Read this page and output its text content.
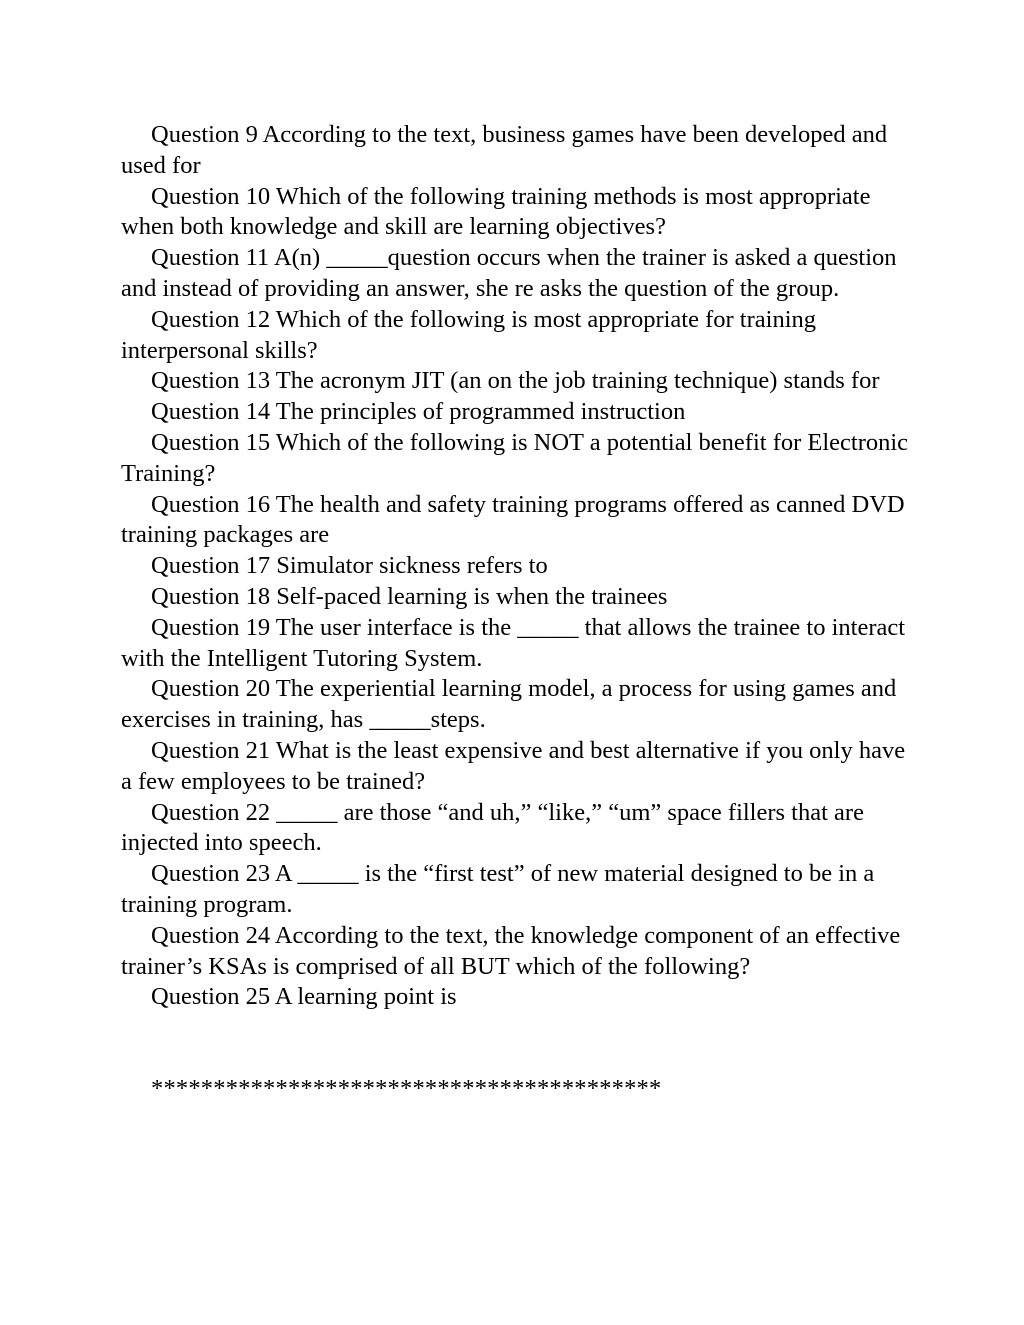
Question 9 According to the text, business games have been developed and used for

Question 10 Which of the following training methods is most appropriate when both knowledge and skill are learning objectives?

Question 11 A(n) _____question occurs when the trainer is asked a question and instead of providing an answer, she re asks the question of the group.

Question 12 Which of the following is most appropriate for training interpersonal skills?

Question 13 The acronym JIT (an on the job training technique) stands for

Question 14 The principles of programmed instruction

Question 15 Which of the following is NOT a potential benefit for Electronic Training?

Question 16 The health and safety training programs offered as canned DVD training packages are

Question 17 Simulator sickness refers to

Question 18 Self-paced learning is when the trainees

Question 19 The user interface is the _____ that allows the trainee to interact with the Intelligent Tutoring System.

Question 20 The experiential learning model, a process for using games and exercises in training, has _____steps.

Question 21 What is the least expensive and best alternative if you only have a few employees to be trained?

Question 22 _____ are those “and uh,” “like,” “um” space fillers that are injected into speech.

Question 23 A _____ is the “first test” of new material designed to be in a training program.

Question 24 According to the text, the knowledge component of an effective trainer’s KSAs is comprised of all BUT which of the following?

Question 25 A learning point is

*****************************************
